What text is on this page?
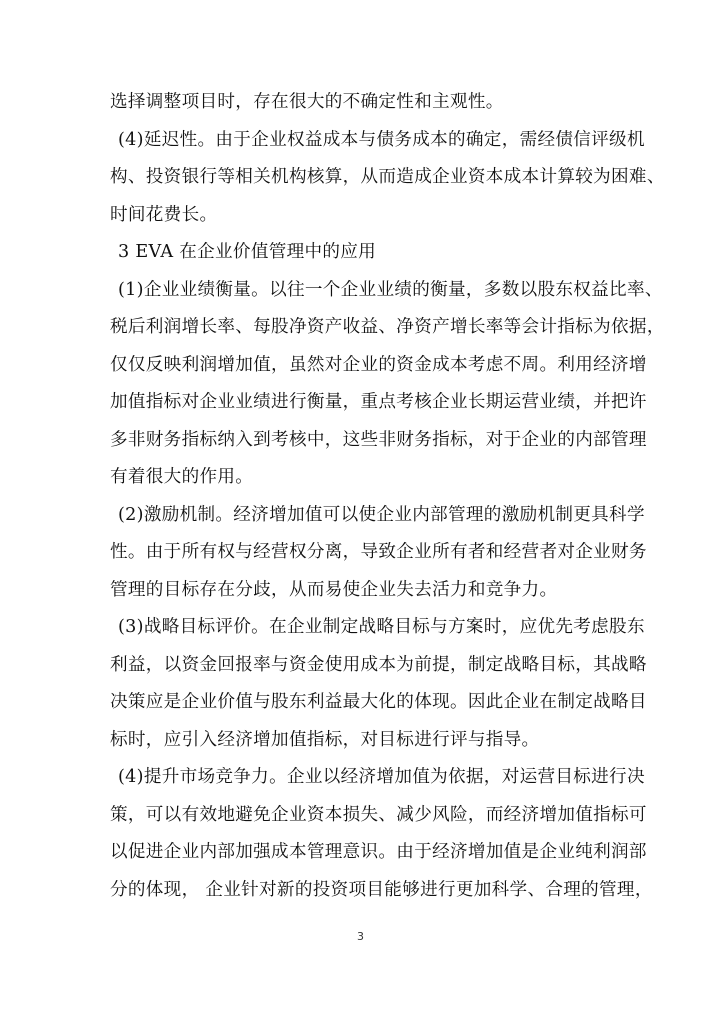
选择调整项目时，存在很大的不确定性和主观性。
(4)延迟性。由于企业权益成本与债务成本的确定，需经债信评级机
构、投资银行等相关机构核算，从而造成企业资本成本计算较为困难、
时间花费长。
3 EVA 在企业价值管理中的应用
(1)企业业绩衡量。以往一个企业业绩的衡量，多数以股东权益比率、
税后利润增长率、每股净资产收益、净资产增长率等会计指标为依据，
仅仅反映利润增加值，虽然对企业的资金成本考虑不周。利用经济增
加值指标对企业业绩进行衡量，重点考核企业长期运营业绩，并把许
多非财务指标纳入到考核中，这些非财务指标，对于企业的内部管理
有着很大的作用。
(2)激励机制。经济增加值可以使企业内部管理的激励机制更具科学
性。由于所有权与经营权分离，导致企业所有者和经营者对企业财务
管理的目标存在分歧，从而易使企业失去活力和竞争力。
(3)战略目标评价。在企业制定战略目标与方案时，应优先考虑股东
利益，以资金回报率与资金使用成本为前提，制定战略目标，其战略
决策应是企业价值与股东利益最大化的体现。因此企业在制定战略目
标时，应引入经济增加值指标，对目标进行评与指导。
(4)提升市场竞争力。企业以经济增加值为依据，对运营目标进行决
策，可以有效地避免企业资本损失、减少风险，而经济增加值指标可
以促进企业内部加强成本管理意识。由于经济增加值是企业纯利润部
分的体现， 企业针对新的投资项目能够进行更加科学、合理的管理，
3
